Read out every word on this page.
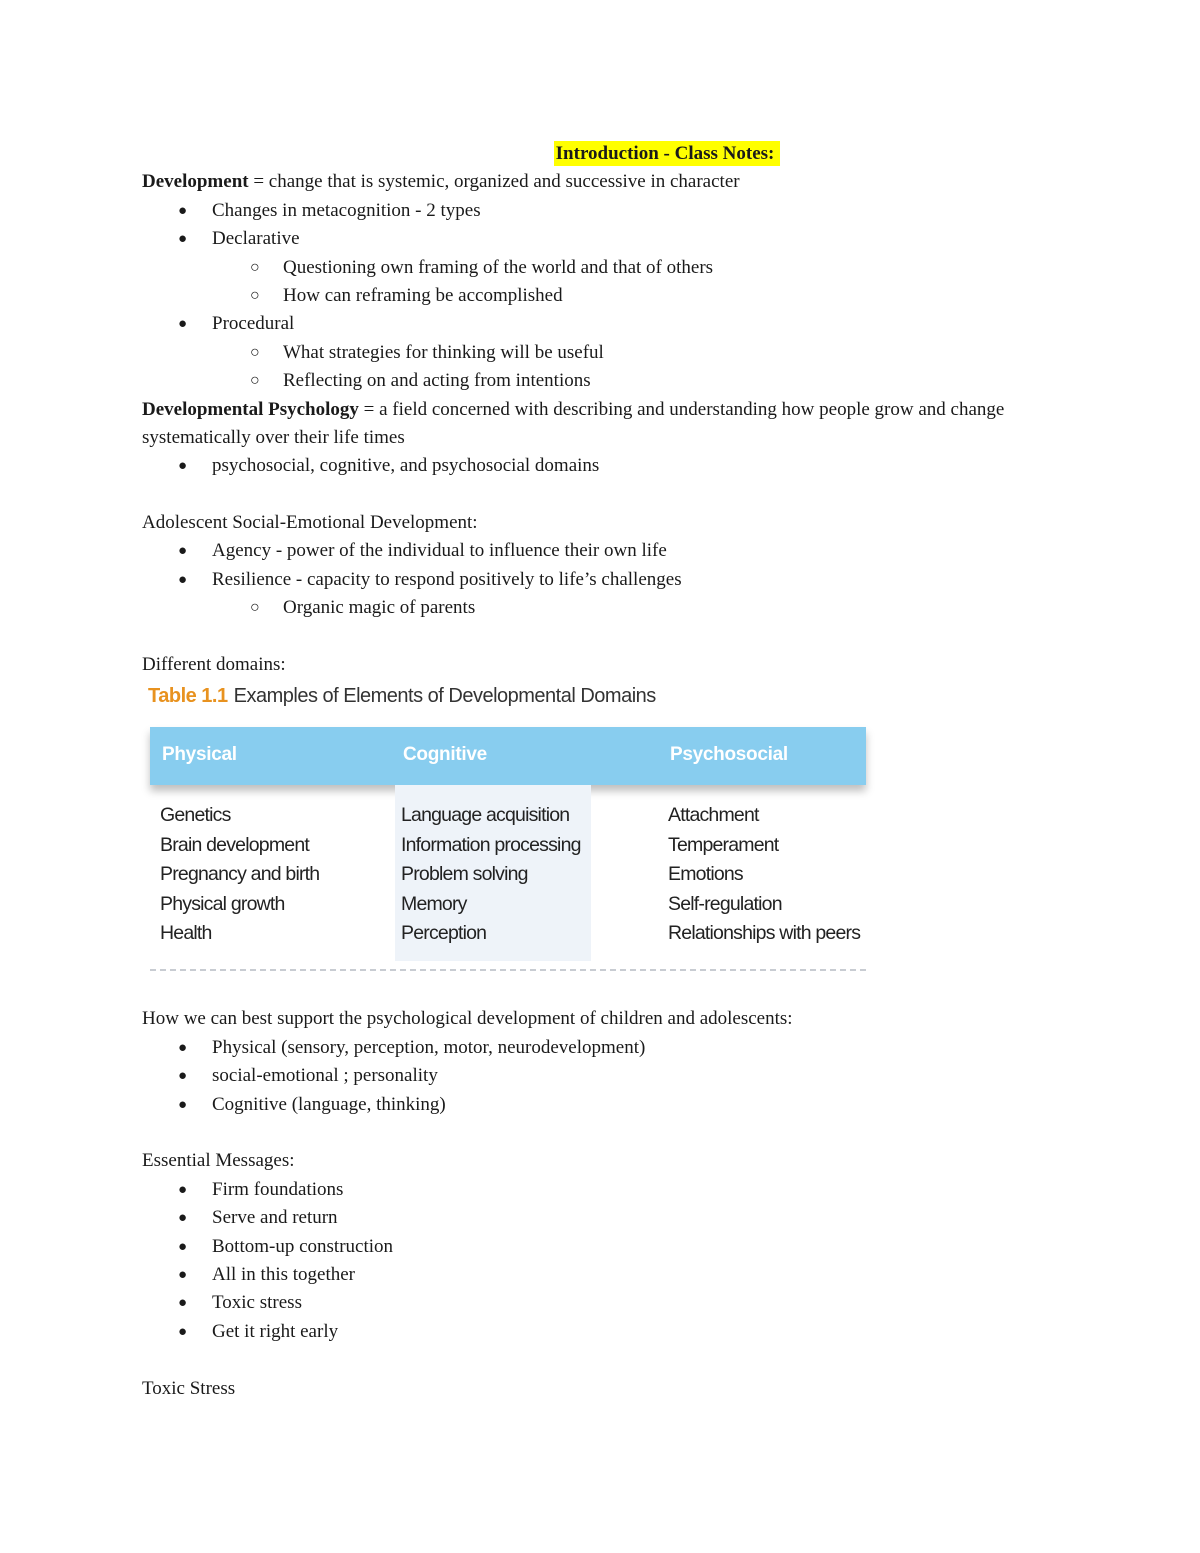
Introduction - Class Notes:
Development = change that is systemic, organized and successive in character
● Changes in metacognition - 2 types
● Declarative
○ Questioning own framing of the world and that of others
○ How can reframing be accomplished
● Procedural
○ What strategies for thinking will be useful
○ Reflecting on and acting from intentions
Developmental Psychology = a field concerned with describing and understanding how people grow and change systematically over their life times
● psychosocial, cognitive, and psychosocial domains
Adolescent Social-Emotional Development:
● Agency - power of the individual to influence their own life
● Resilience - capacity to respond positively to life’s challenges
○ Organic magic of parents
Different domains:
Table 1.1 Examples of Elements of Developmental Domains
Physical	Cognitive	Psychosocial
Genetics
Brain development
Pregnancy and birth
Physical growth
Health
Language acquisition
Information processing
Problem solving
Memory
Perception
Attachment
Temperament
Emotions
Self-regulation
Relationships with peers
How we can best support the psychological development of children and adolescents:
● Physical (sensory, perception, motor, neurodevelopment)
● social-emotional ; personality
● Cognitive (language, thinking)
Essential Messages:
● Firm foundations
● Serve and return
● Bottom-up construction
● All in this together
● Toxic stress
● Get it right early
Toxic Stress
